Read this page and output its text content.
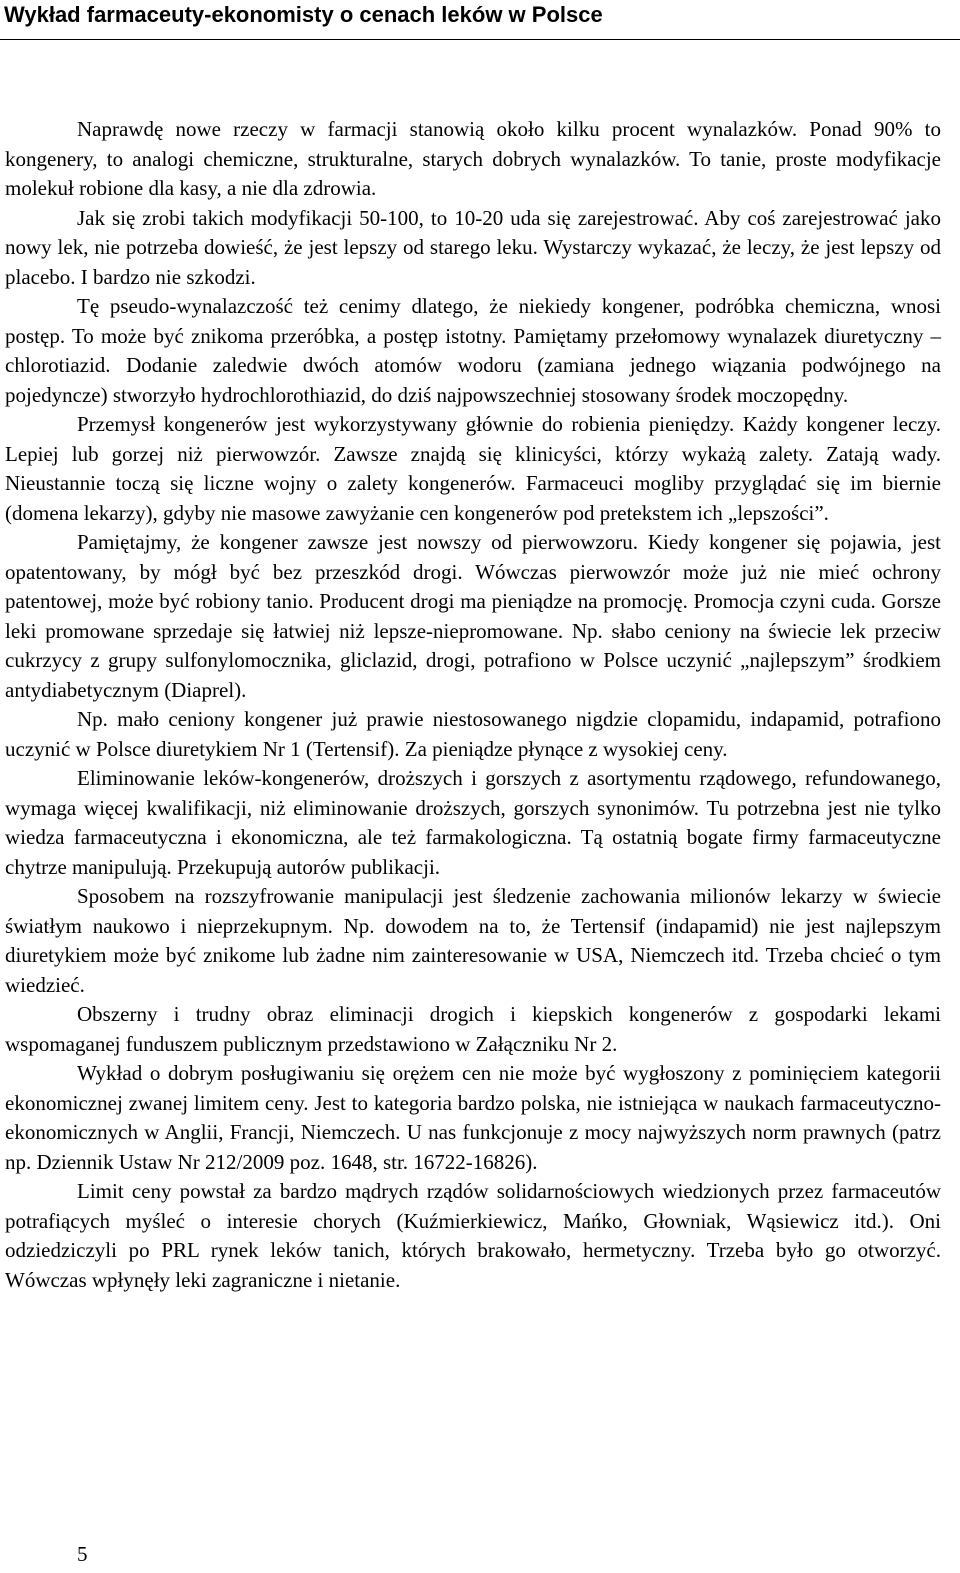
Wykład farmaceuty-ekonomisty o cenach leków w Polsce

Naprawdę nowe rzeczy w farmacji stanowią około kilku procent wynalazków. Ponad 90% to kongenery, to analogi chemiczne, strukturalne, starych dobrych wynalazków. To tanie, proste modyfikacje molekuł robione dla kasy, a nie dla zdrowia.

Jak się zrobi takich modyfikacji 50-100, to 10-20 uda się zarejestrować. Aby coś zarejestrować jako nowy lek, nie potrzeba dowieść, że jest lepszy od starego leku. Wystarczy wykazać, że leczy, że jest lepszy od placebo. I bardzo nie szkodzi.

Tę pseudo-wynalazczość też cenimy dlatego, że niekiedy kongener, podróbka chemiczna, wnosi postęp. To może być znikoma przeróbka, a postęp istotny. Pamiętamy przełomowy wynalazek diuretyczny – chlorotiazid. Dodanie zaledwie dwóch atomów wodoru (zamiana jednego wiązania podwójnego na pojedyncze) stworzyło hydrochlorothiazid, do dziś najpowszechniej stosowany środek moczopędny.

Przemysł kongenerów jest wykorzystywany głównie do robienia pieniędzy. Każdy kongener leczy. Lepiej lub gorzej niż pierwowzór. Zawsze znajdą się klinicyści, którzy wykażą zalety. Zatają wady. Nieustannie toczą się liczne wojny o zalety kongenerów. Farmaceuci mogliby przyglądać się im biernie (domena lekarzy), gdyby nie masowe zawyżanie cen kongenerów pod pretekstem ich „lepszości”.

Pamiętajmy, że kongener zawsze jest nowszy od pierwowzoru. Kiedy kongener się pojawia, jest opatentowany, by mógł być bez przeszkód drogi. Wówczas pierwowzór może już nie mieć ochrony patentowej, może być robiony tanio. Producent drogi ma pieniądze na promocję. Promocja czyni cuda. Gorsze leki promowane sprzedaje się łatwiej niż lepsze-niepromowane. Np. słabo ceniony na świecie lek przeciw cukrzycy z grupy sulfonylomocznika, gliclazid, drogi, potrafiono w Polsce uczynić „najlepszym” środkiem antydiabetycznym (Diaprel).

Np. mało ceniony kongener już prawie niestosowanego nigdzie clopamidu, indapamid, potrafiono uczynić w Polsce diuretykiem Nr 1 (Tertensif). Za pieniądze płynące z wysokiej ceny.

Eliminowanie leków-kongenerów, droższych i gorszych z asortymentu rządowego, refundowanego, wymaga więcej kwalifikacji, niż eliminowanie droższych, gorszych synonimów. Tu potrzebna jest nie tylko wiedza farmaceutyczna i ekonomiczna, ale też farmakologiczna. Tą ostatnią bogate firmy farmaceutyczne chytrze manipulują. Przekupują autorów publikacji.

Sposobem na rozszyfrowanie manipulacji jest śledzenie zachowania milionów lekarzy w świecie światłym naukowo i nieprzekupnym. Np. dowodem na to, że Tertensif (indapamid) nie jest najlepszym diuretykiem może być znikome lub żadne nim zainteresowanie w USA, Niemczech itd. Trzeba chcieć o tym wiedzieć.

Obszerny i trudny obraz eliminacji drogich i kiepskich kongenerów z gospodarki lekami wspomaganej funduszem publicznym przedstawiono w Załączniku Nr 2.

Wykład o dobrym posługiwaniu się orężem cen nie może być wygłoszony z pominięciem kategorii ekonomicznej zwanej limitem ceny. Jest to kategoria bardzo polska, nie istniejąca w naukach farmaceutyczno-ekonomicznych w Anglii, Francji, Niemczech. U nas funkcjonuje z mocy najwyższych norm prawnych (patrz np. Dziennik Ustaw Nr 212/2009 poz. 1648, str. 16722-16826).

Limit ceny powstał za bardzo mądrych rządów solidarnościowych wiedzionych przez farmaceutów potrafiących myśleć o interesie chorych (Kuźmierkiewicz, Mańko, Głowniak, Wąsiewicz itd.). Oni odziedziczyli po PRL rynek leków tanich, których brakowało, hermetyczny. Trzeba było go otworzyć. Wówczas wpłynęły leki zagraniczne i nietanie.

5
